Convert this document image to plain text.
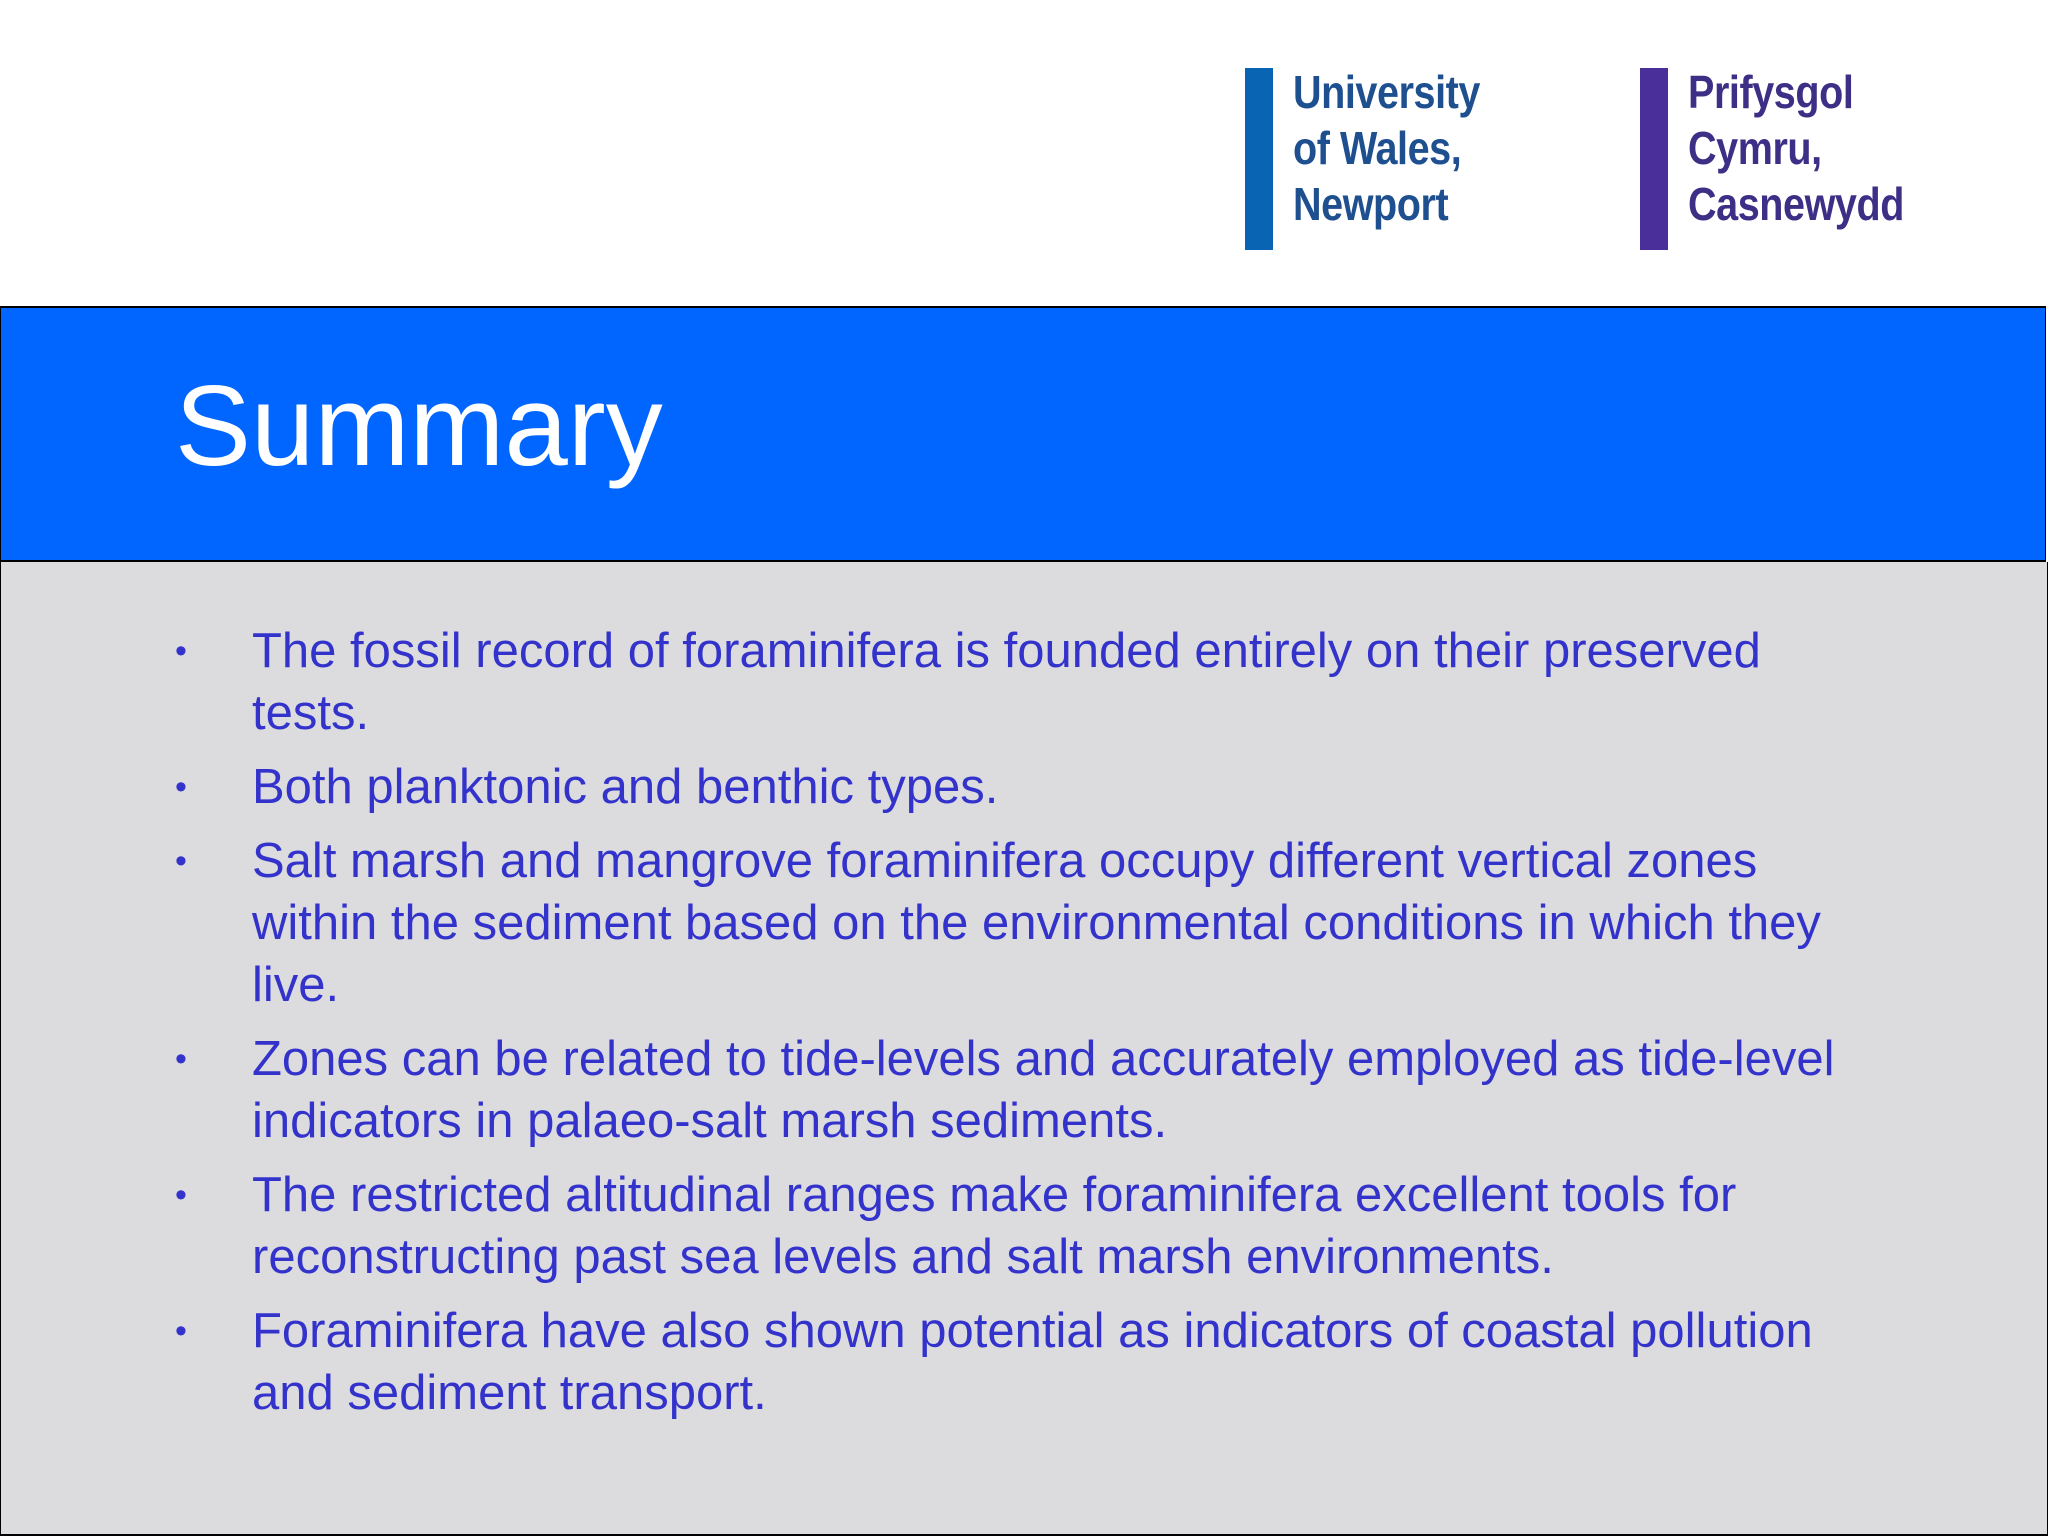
University
of Wales,
Newport
Prifysgol
Cymru,
Casnewydd
Summary
• The fossil record of foraminifera is founded entirely on their preserved tests.
• Both planktonic and benthic types.
• Salt marsh and mangrove foraminifera occupy different vertical zones within the sediment based on the environmental conditions in which they live.
• Zones can be related to tide-levels and accurately employed as tide-level indicators in palaeo-salt marsh sediments.
• The restricted altitudinal ranges make foraminifera excellent tools for reconstructing past sea levels and salt marsh environments.
• Foraminifera have also shown potential as indicators of coastal pollution and sediment transport.
